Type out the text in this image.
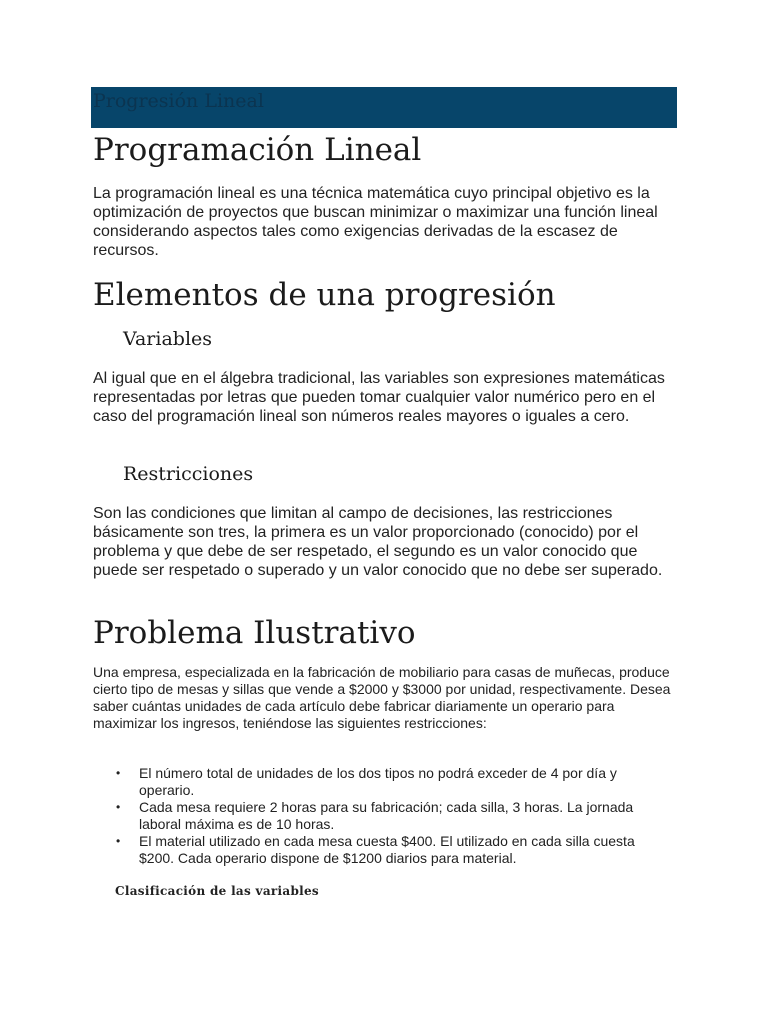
Progresión Lineal
Programación Lineal

La programación lineal es una técnica matemática cuyo principal objetivo es la optimización de proyectos que buscan minimizar o maximizar una función lineal considerando aspectos tales como exigencias derivadas de la escasez de recursos.

Elementos de una progresión
Variables

Al igual que en el álgebra tradicional, las variables son expresiones matemáticas representadas por letras que pueden tomar cualquier valor numérico pero en el caso del programación lineal son números reales mayores o iguales a cero.

Restricciones

Son las condiciones que limitan al campo de decisiones, las restricciones básicamente son tres, la primera es un valor proporcionado (conocido) por el problema y que debe de ser respetado, el segundo es un valor conocido que puede ser respetado o superado y un valor conocido que no debe ser superado.

Problema Ilustrativo

Una empresa, especializada en la fabricación de mobiliario para casas de muñecas, produce cierto tipo de mesas y sillas que vende a $2000 y $3000 por unidad, respectivamente. Desea saber cuántas unidades de cada artículo debe fabricar diariamente un operario para maximizar los ingresos, teniéndose las siguientes restricciones:

• El número total de unidades de los dos tipos no podrá exceder de 4 por día y operario.
• Cada mesa requiere 2 horas para su fabricación; cada silla, 3 horas. La jornada laboral máxima es de 10 horas.
• El material utilizado en cada mesa cuesta $400. El utilizado en cada silla cuesta $200. Cada operario dispone de $1200 diarios para material.
Clasificación de las variables
